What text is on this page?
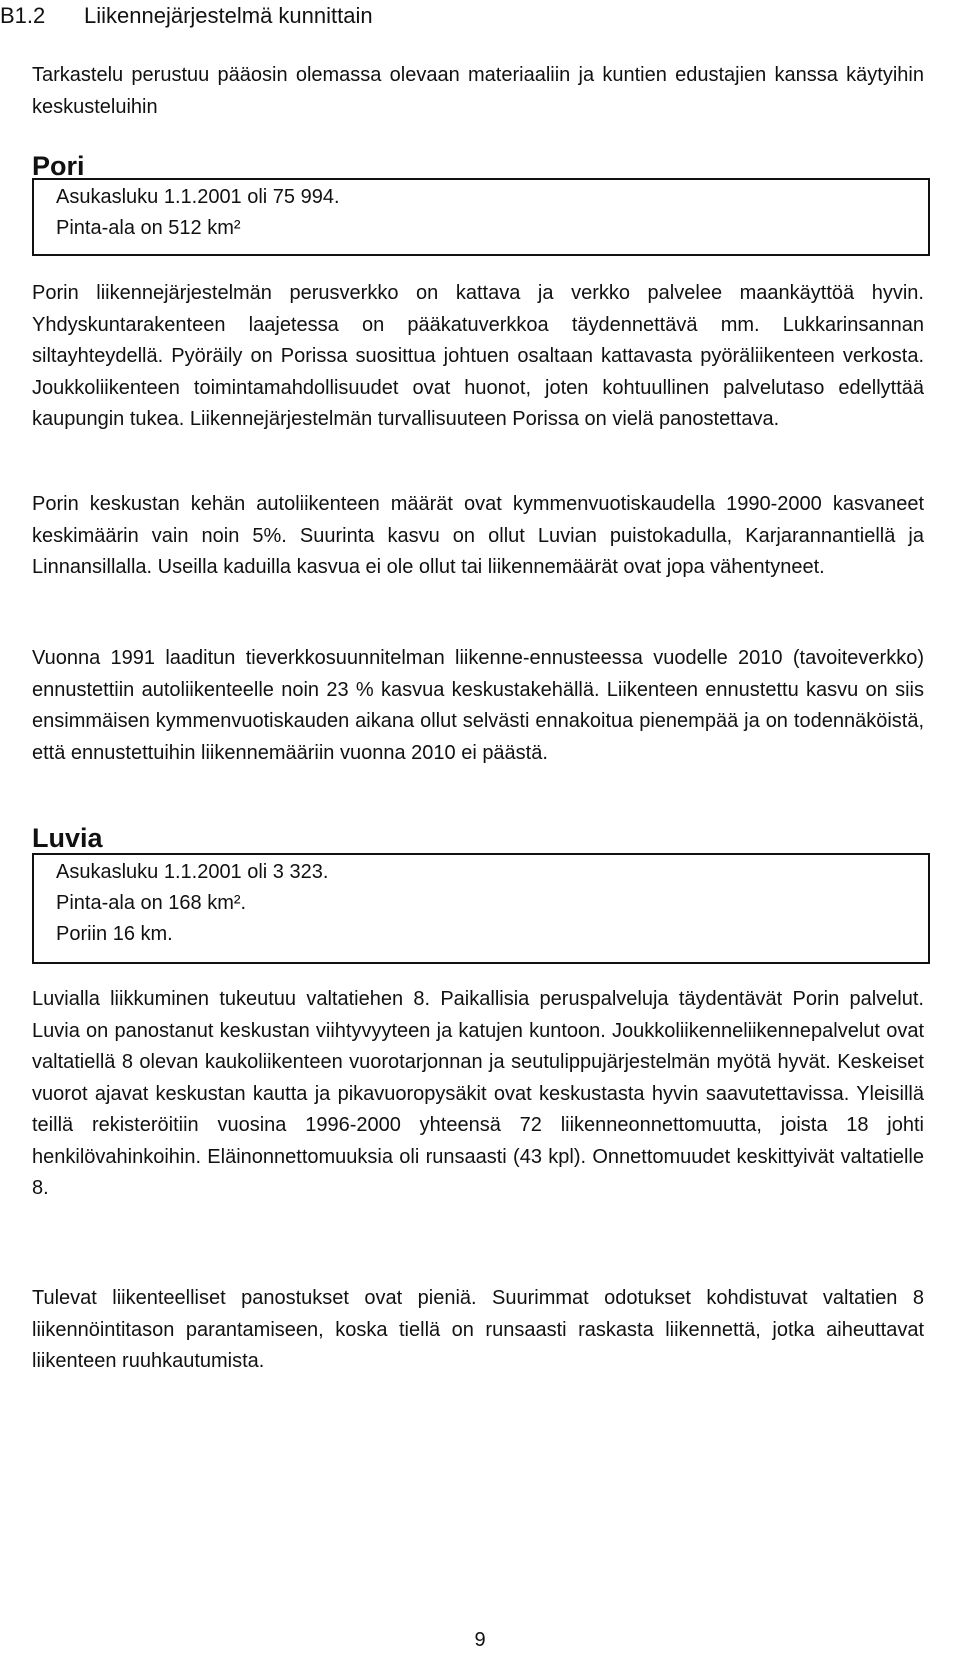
B1.2 Liikennejärjestelmä kunnittain

Tarkastelu perustuu pääosin olemassa olevaan materiaaliin ja kuntien edustajien kanssa käytyihin keskusteluihin

Pori
Asukasluku 1.1.2001 oli 75 994.
Pinta-ala on 512 km²

Porin liikennejärjestelmän perusverkko on kattava ja verkko palvelee maankäyttöä hyvin. Yhdyskuntarakenteen laajetessa on pääkatuverkkoa täydennettävä mm. Lukkarinsannan siltayhteydellä. Pyöräily on Porissa suosittua johtuen osaltaan kattavasta pyöräliikenteen verkosta. Joukkoliikenteen toimintamahdollisuudet ovat huonot, joten kohtuullinen palvelutaso edellyttää kaupungin tukea. Liikennejärjestelmän turvallisuuteen Porissa on vielä panostettava.

Porin keskustan kehän autoliikenteen määrät ovat kymmenvuotiskaudella 1990-2000 kasvaneet keskimäärin vain noin 5%. Suurinta kasvu on ollut Luvian puistokadulla, Karjarannantiellä ja Linnansillalla. Useilla kaduilla kasvua ei ole ollut tai liikennemäärät ovat jopa vähentyneet.

Vuonna 1991 laaditun tieverkkosuunnitelman liikenne-ennusteessa vuodelle 2010 (tavoiteverkko) ennustettiin autoliikenteelle noin 23 % kasvua keskustakehällä. Liikenteen ennustettu kasvu on siis ensimmäisen kymmenvuotiskauden aikana ollut selvästi ennakoitua pienempää ja on todennäköistä, että ennustettuihin liikennemääriin vuonna 2010 ei päästä.

Luvia
Asukasluku 1.1.2001 oli 3 323.
Pinta-ala on 168 km².
Poriin 16 km.

Luvialla liikkuminen tukeutuu valtatiehen 8. Paikallisia peruspalveluja täydentävät Porin palvelut. Luvia on panostanut keskustan viihtyvyyteen ja katujen kuntoon. Joukkoliikenneliikennepalvelut ovat valtatiellä 8 olevan kaukoliikenteen vuorotarjonnan ja seutulippujärjestelmän myötä hyvät. Keskeiset vuorot ajavat keskustan kautta ja pikavuoropysäkit ovat keskustasta hyvin saavutettavissa. Yleisillä teillä rekisteröitiin vuosina 1996-2000 yhteensä 72 liikenneonnettomuutta, joista 18 johti henkilövahinkoihin. Eläinonnettomuuksia oli runsaasti (43 kpl). Onnettomuudet keskittyivät valtatielle 8.

Tulevat liikenteelliset panostukset ovat pieniä. Suurimmat odotukset kohdistuvat valtatien 8 liikennöintitason parantamiseen, koska tiellä on runsaasti raskasta liikennettä, jotka aiheuttavat liikenteen ruuhkautumista.

9
